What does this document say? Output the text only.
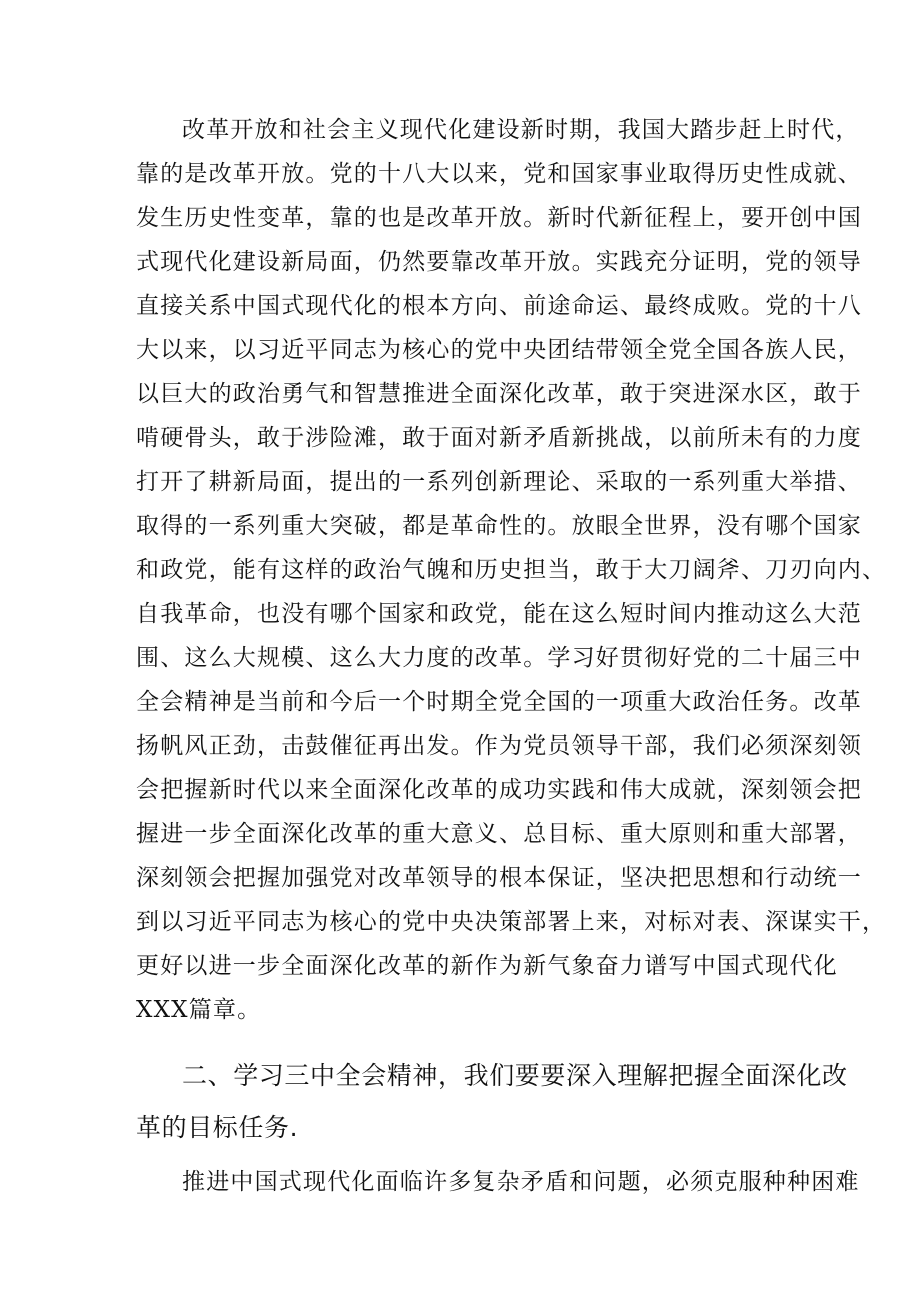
改革开放和社会主义现代化建设新时期，我国大踏步赶上时代，
靠的是改革开放。党的十八大以来，党和国家事业取得历史性成就、
发生历史性变革，靠的也是改革开放。新时代新征程上，要开创中国
式现代化建设新局面，仍然要靠改革开放。实践充分证明，党的领导
直接关系中国式现代化的根本方向、前途命运、最终成败。党的十八
大以来，以习近平同志为核心的党中央团结带领全党全国各族人民，
以巨大的政治勇气和智慧推进全面深化改革，敢于突进深水区，敢于
啃硬骨头，敢于涉险滩，敢于面对新矛盾新挑战，以前所未有的力度
打开了耕新局面，提出的一系列创新理论、采取的一系列重大举措、
取得的一系列重大突破，都是革命性的。放眼全世界，没有哪个国家
和政党，能有这样的政治气魄和历史担当，敢于大刀阔斧、刀刃向内、
自我革命，也没有哪个国家和政党，能在这么短时间内推动这么大范
围、这么大规模、这么大力度的改革。学习好贯彻好党的二十届三中
全会精神是当前和今后一个时期全党全国的一项重大政治任务。改革
扬帆风正劲，击鼓催征再出发。作为党员领导干部，我们必须深刻领
会把握新时代以来全面深化改革的成功实践和伟大成就，深刻领会把
握进一步全面深化改革的重大意义、总目标、重大原则和重大部署，
深刻领会把握加强党对改革领导的根本保证，坚决把思想和行动统一
到以习近平同志为核心的党中央决策部署上来，对标对表、深谋实干，
更好以进一步全面深化改革的新作为新气象奋力谱写中国式现代化
XXX篇章。
二、学习三中全会精神，我们要要深入理解把握全面深化改
革的目标任务.
推进中国式现代化面临许多复杂矛盾和问题，必须克服种种困难
